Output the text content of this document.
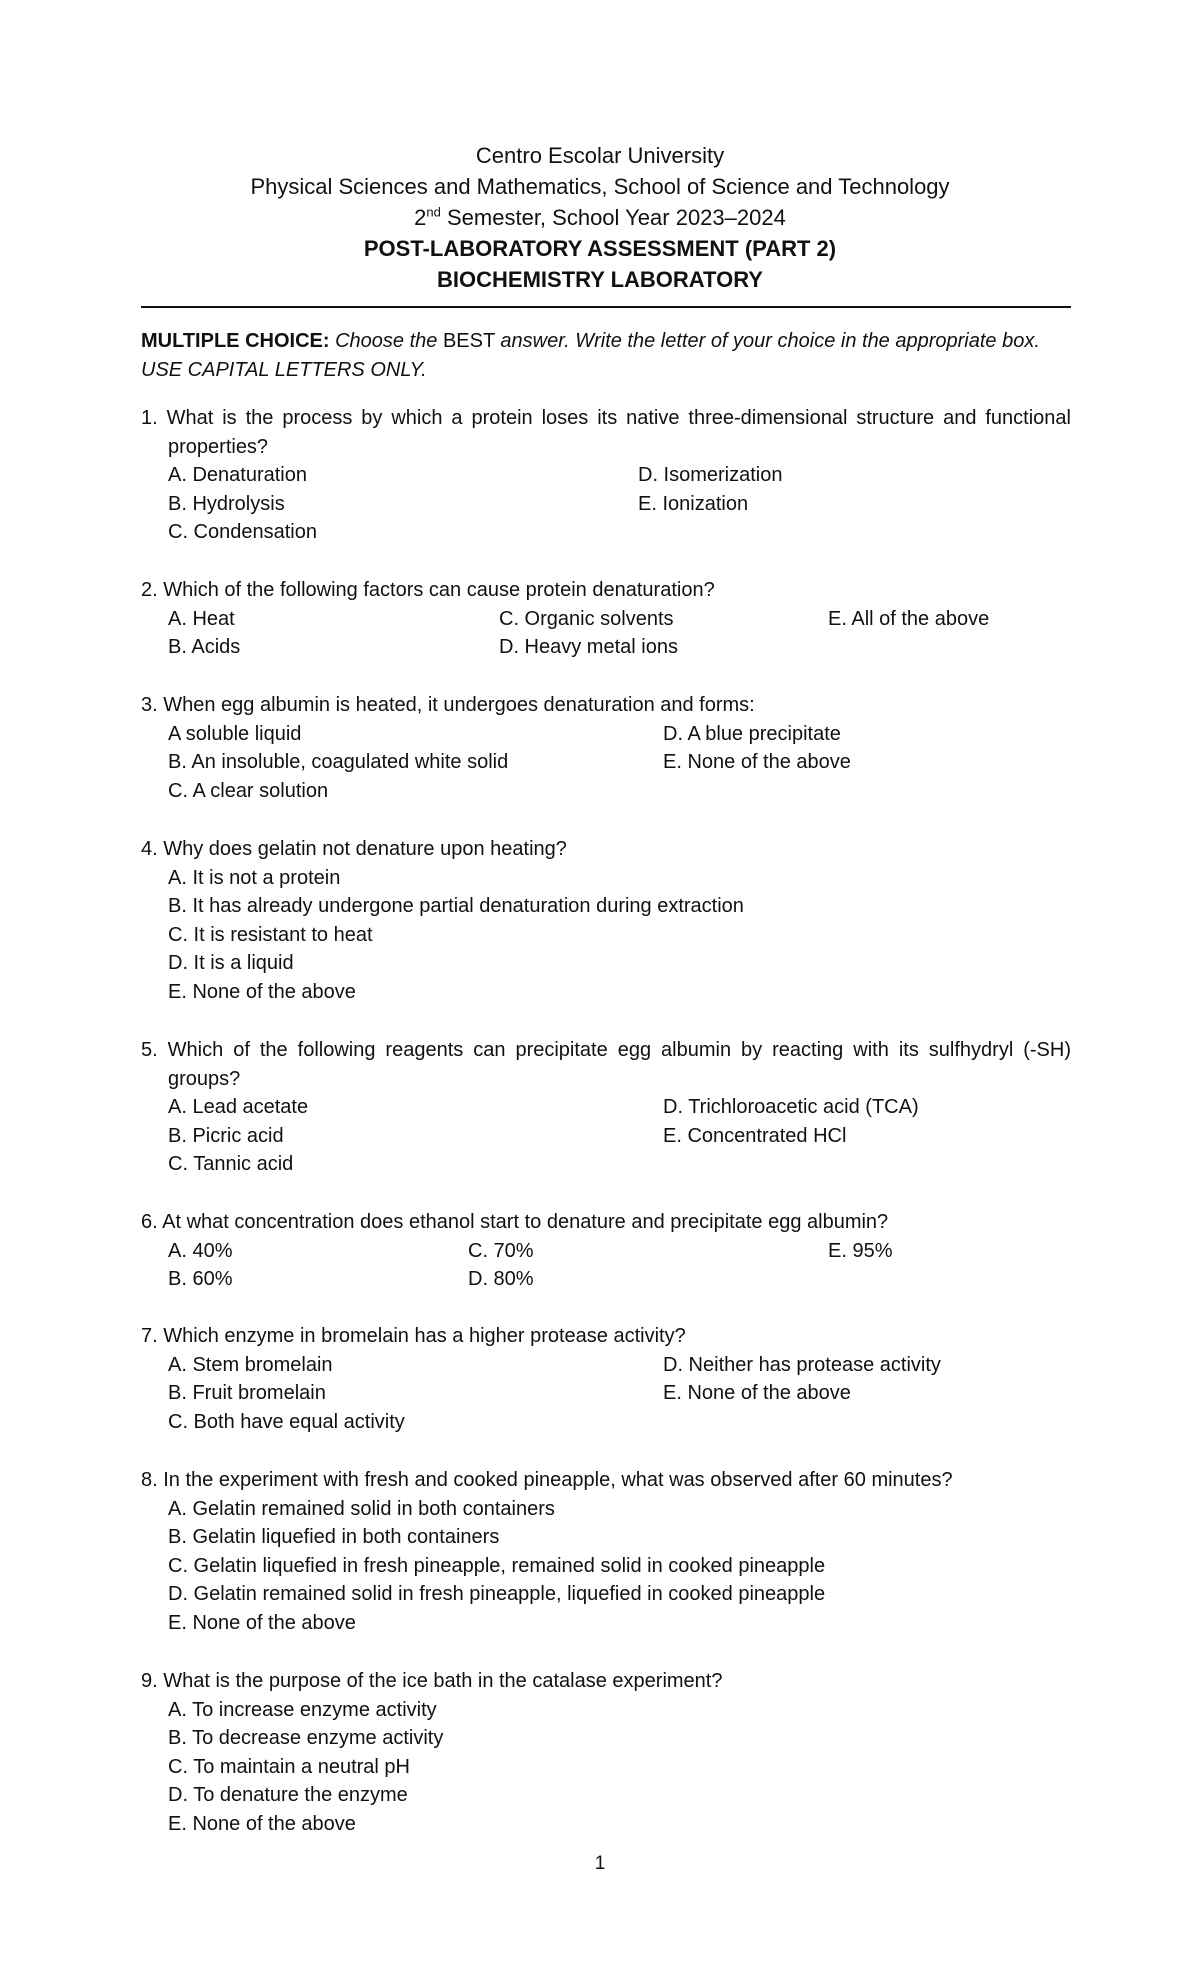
Centro Escolar University
Physical Sciences and Mathematics, School of Science and Technology
2nd Semester, School Year 2023–2024
POST-LABORATORY ASSESSMENT (PART 2)
BIOCHEMISTRY LABORATORY
MULTIPLE CHOICE: Choose the BEST answer. Write the letter of your choice in the appropriate box. USE CAPITAL LETTERS ONLY.
1. What is the process by which a protein loses its native three-dimensional structure and functional properties?
A. Denaturation
B. Hydrolysis
C. Condensation
D. Isomerization
E. Ionization
2. Which of the following factors can cause protein denaturation?
A. Heat
B. Acids
C. Organic solvents
D. Heavy metal ions
E. All of the above
3. When egg albumin is heated, it undergoes denaturation and forms:
A soluble liquid
B. An insoluble, coagulated white solid
C. A clear solution
D. A blue precipitate
E. None of the above
4. Why does gelatin not denature upon heating?
A. It is not a protein
B. It has already undergone partial denaturation during extraction
C. It is resistant to heat
D. It is a liquid
E. None of the above
5. Which of the following reagents can precipitate egg albumin by reacting with its sulfhydryl (-SH) groups?
A. Lead acetate
B. Picric acid
C. Tannic acid
D. Trichloroacetic acid (TCA)
E. Concentrated HCl
6. At what concentration does ethanol start to denature and precipitate egg albumin?
A. 40%
B. 60%
C. 70%
D. 80%
E. 95%
7. Which enzyme in bromelain has a higher protease activity?
A. Stem bromelain
B. Fruit bromelain
C. Both have equal activity
D. Neither has protease activity
E. None of the above
8. In the experiment with fresh and cooked pineapple, what was observed after 60 minutes?
A. Gelatin remained solid in both containers
B. Gelatin liquefied in both containers
C. Gelatin liquefied in fresh pineapple, remained solid in cooked pineapple
D. Gelatin remained solid in fresh pineapple, liquefied in cooked pineapple
E. None of the above
9. What is the purpose of the ice bath in the catalase experiment?
A. To increase enzyme activity
B. To decrease enzyme activity
C. To maintain a neutral pH
D. To denature the enzyme
E. None of the above
1
